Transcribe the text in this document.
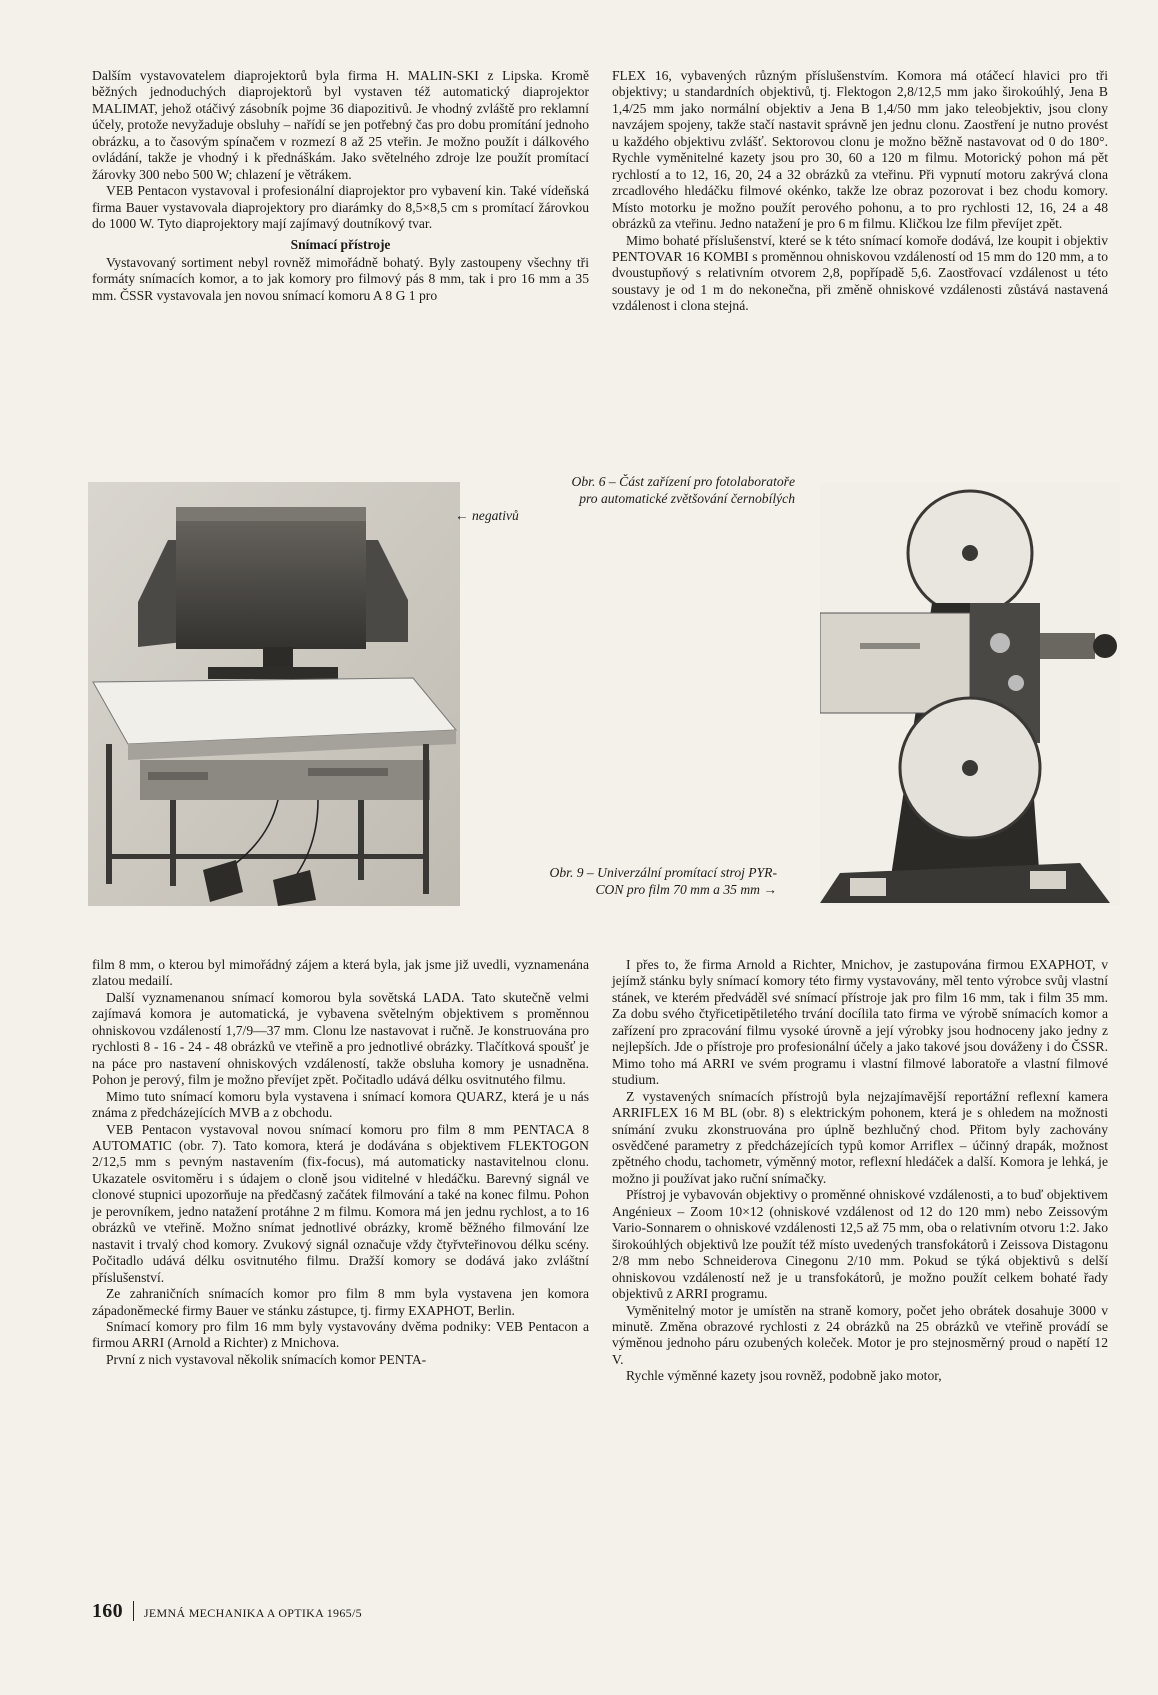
Dalším vystavovatelem diaprojektorů byla firma H. MALIN-SKI z Lipska. Kromě běžných jednoduchých diaprojektorů byl vystaven též automatický diaprojektor MALIMAT, jehož otáčivý zásobník pojme 36 diapozitivů. Je vhodný zvláště pro reklamní účely, protože nevyžaduje obsluhy – nařídí se jen potřebný čas pro dobu promítání jednoho obrázku, a to časovým spínačem v rozmezí 8 až 25 vteřin. Je možno použít i dálkového ovládání, takže je vhodný i k přednáškám. Jako světelného zdroje lze použít promítací žárovky 300 nebo 500 W; chlazení je větrákem.

VEB Pentacon vystavoval i profesionální diaprojektor pro vybavení kin. Také vídeňská firma Bauer vystavovala diaprojektory pro diarámky do 8,5×8,5 cm s promítací žárovkou do 1000 W. Tyto diaprojektory mají zajímavý doutníkový tvar.

Snímací přístroje

Vystavovaný sortiment nebyl rovněž mimořádně bohatý. Byly zastoupeny všechny tři formáty snímacích komor, a to jak komory pro filmový pás 8 mm, tak i pro 16 mm a 35 mm. ČSSR vystavovala jen novou snímací komoru A 8 G 1 pro

FLEX 16, vybavených různým příslušenstvím. Komora má otáčecí hlavici pro tři objektivy; u standardních objektivů, tj. Flektogon 2,8/12,5 mm jako širokoúhlý, Jena B 1,4/25 mm jako normální objektiv a Jena B 1,4/50 mm jako teleobjektiv, jsou clony navzájem spojeny, takže stačí nastavit správně jen jednu clonu. Zaostření je nutno provést u každého objektivu zvlášť. Sektorovou clonu je možno běžně nastavovat od 0 do 180°. Rychle vyměnitelné kazety jsou pro 30, 60 a 120 m filmu. Motorický pohon má pět rychlostí a to 12, 16, 20, 24 a 32 obrázků za vteřinu. Při vypnutí motoru zakrývá clona zrcadlového hledáčku filmové okénko, takže lze obraz pozorovat i bez chodu komory. Místo motorku je možno použít perového pohonu, a to pro rychlosti 12, 16, 24 a 48 obrázků za vteřinu. Jedno natažení je pro 6 m filmu. Kličkou lze film převíjet zpět.

Mimo bohaté příslušenství, které se k této snímací komoře dodává, lze koupit i objektiv PENTOVAR 16 KOMBI s proměnnou ohniskovou vzdáleností od 15 mm do 120 mm, a to dvoustupňový s relativním otvorem 2,8, popřípadě 5,6. Zaostřovací vzdálenost u této soustavy je od 1 m do nekonečna, při změně ohniskové vzdálenosti zůstává nastavená vzdálenost i clona stejná.

Obr. 6 – Část zařízení pro fotolaboratoře
pro automatické zvětšování černobílých
← negativů
Obr. 9 – Univerzální promítací stroj PYR-
CON pro film 70 mm a 35 mm →

film 8 mm, o kterou byl mimořádný zájem a která byla, jak jsme již uvedli, vyznamenána zlatou medailí.

Další vyznamenanou snímací komorou byla sovětská LADA. Tato skutečně velmi zajímavá komora je automatická, je vybavena světelným objektivem s proměnnou ohniskovou vzdáleností 1,7/9—37 mm. Clonu lze nastavovat i ručně. Je konstruována pro rychlosti 8 - 16 - 24 - 48 obrázků ve vteřině a pro jednotlivé obrázky. Tlačítková spoušť je na páce pro nastavení ohniskových vzdáleností, takže obsluha komory je usnadněna. Pohon je perový, film je možno převíjet zpět. Počitadlo udává délku osvitnutého filmu.

Mimo tuto snímací komoru byla vystavena i snímací komora QUARZ, která je u nás známa z předcházejících MVB a z obchodu.

VEB Pentacon vystavoval novou snímací komoru pro film 8 mm PENTACA 8 AUTOMATIC (obr. 7). Tato komora, která je dodávána s objektivem FLEKTOGON 2/12,5 mm s pevným nastavením (fix-focus), má automaticky nastavitelnou clonu. Ukazatele osvitoměru i s údajem o cloně jsou viditelné v hledáčku. Barevný signál ve clonové stupnici upozorňuje na předčasný začátek filmování a také na konec filmu. Pohon je perovníkem, jedno natažení protáhne 2 m filmu. Komora má jen jednu rychlost, a to 16 obrázků ve vteřině. Možno snímat jednotlivé obrázky, kromě běžného filmování lze nastavit i trvalý chod komory. Zvukový signál označuje vždy čtyřvteřinovou délku scény. Počitadlo udává délku osvitnutého filmu. Dražší komory se dodává jako zvláštní příslušenství.

Ze zahraničních snímacích komor pro film 8 mm byla vystavena jen komora západoněmecké firmy Bauer ve stánku zástupce, tj. firmy EXAPHOT, Berlin.

Snímací komory pro film 16 mm byly vystavovány dvěma podniky: VEB Pentacon a firmou ARRI (Arnold a Richter) z Mnichova.

První z nich vystavoval několik snímacích komor PENTA-

I přes to, že firma Arnold a Richter, Mnichov, je zastupována firmou EXAPHOT, v jejímž stánku byly snímací komory této firmy vystavovány, měl tento výrobce svůj vlastní stánek, ve kterém předváděl své snímací přístroje jak pro film 16 mm, tak i film 35 mm. Za dobu svého čtyřicetipětiletého trvání docílila tato firma ve výrobě snímacích komor a zařízení pro zpracování filmu vysoké úrovně a její výrobky jsou hodnoceny jako jedny z nejlepších. Jde o přístroje pro profesionální účely a jako takové jsou dováženy i do ČSSR. Mimo toho má ARRI ve svém programu i vlastní filmové laboratoře a vlastní filmové studium.

Z vystavených snímacích přístrojů byla nejzajímavější reportážní reflexní kamera ARRIFLEX 16 M BL (obr. 8) s elektrickým pohonem, která je s ohledem na možnosti snímání zvuku zkonstruována pro úplně bezhlučný chod. Přitom byly zachovány osvědčené parametry z předcházejících typů komor Arriflex – účinný drapák, možnost zpětného chodu, tachometr, výměnný motor, reflexní hledáček a další. Komora je lehká, je možno ji používat jako ruční snímačky.

Přístroj je vybavován objektivy o proměnné ohniskové vzdálenosti, a to buď objektivem Angénieux – Zoom 10×12 (ohniskové vzdálenost od 12 do 120 mm) nebo Zeissovým Vario-Sonnarem o ohniskové vzdálenosti 12,5 až 75 mm, oba o relativním otvoru 1:2. Jako širokoúhlých objektivů lze použít též místo uvedených transfokátorů i Zeissova Distagonu 2/8 mm nebo Schneiderova Cinegonu 2/10 mm. Pokud se týká objektivů s delší ohniskovou vzdáleností než je u transfokátorů, je možno použít celkem bohaté řady objektivů z ARRI programu.

Vyměnitelný motor je umístěn na straně komory, počet jeho obrátek dosahuje 3000 v minutě. Změna obrazové rychlosti z 24 obrázků na 25 obrázků ve vteřině provádí se výměnou jednoho páru ozubených koleček. Motor je pro stejnosměrný proud o napětí 12 V.

Rychle výměnné kazety jsou rovněž, podobně jako motor,

160 JEMNÁ MECHANIKA A OPTIKA 1965/5
